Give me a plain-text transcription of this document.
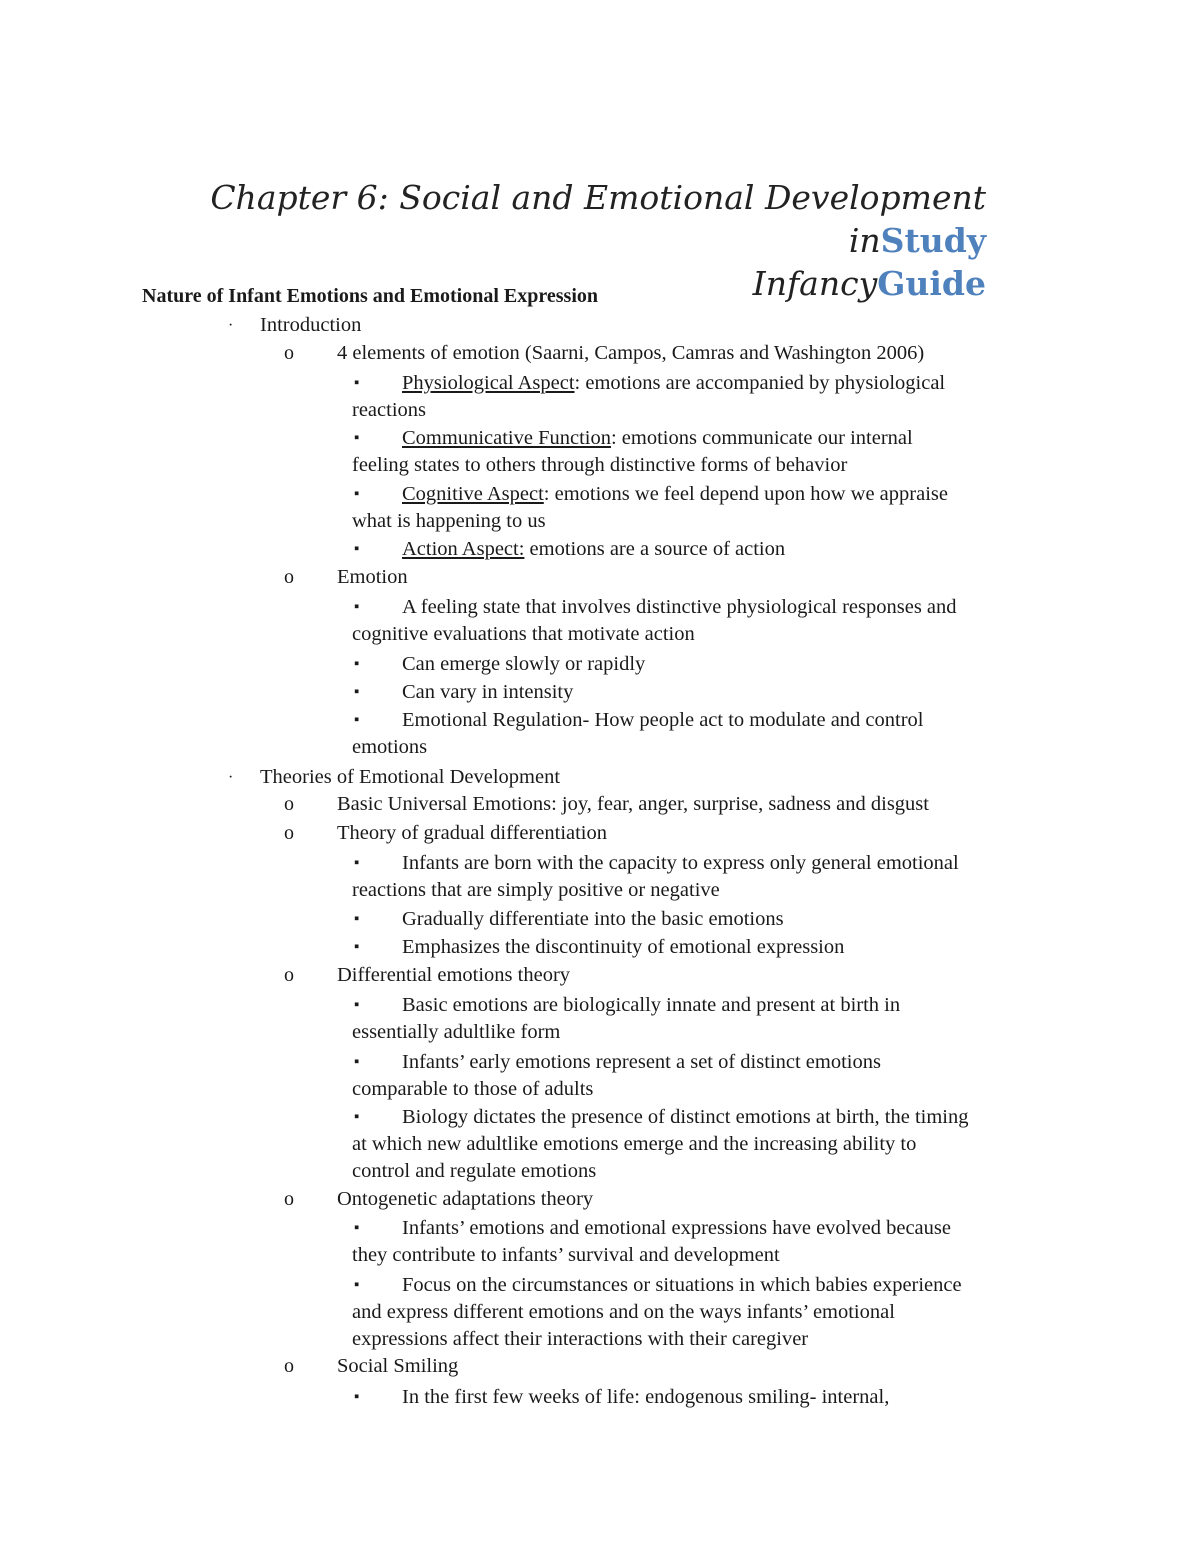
Chapter 6: Social and Emotional Development inStudy
InfancyGuide
Nature of Infant Emotions and Emotional Expression
· Introduction
o 4 elements of emotion (Saarni, Campos, Camras and Washington 2006)
▪ Physiological Aspect: emotions are accompanied by physiological
reactions
▪ Communicative Function: emotions communicate our internal
feeling states to others through distinctive forms of behavior
▪ Cognitive Aspect: emotions we feel depend upon how we appraise
what is happening to us
▪ Action Aspect: emotions are a source of action
o Emotion
▪ A feeling state that involves distinctive physiological responses and
cognitive evaluations that motivate action
▪ Can emerge slowly or rapidly
▪ Can vary in intensity
▪ Emotional Regulation- How people act to modulate and control
emotions
· Theories of Emotional Development
o Basic Universal Emotions: joy, fear, anger, surprise, sadness and disgust
o Theory of gradual differentiation
▪ Infants are born with the capacity to express only general emotional
reactions that are simply positive or negative
▪ Gradually differentiate into the basic emotions
▪ Emphasizes the discontinuity of emotional expression
o Differential emotions theory
▪ Basic emotions are biologically innate and present at birth in
essentially adultlike form
▪ Infants’ early emotions represent a set of distinct emotions
comparable to those of adults
▪ Biology dictates the presence of distinct emotions at birth, the timing
at which new adultlike emotions emerge and the increasing ability to
control and regulate emotions
o Ontogenetic adaptations theory
▪ Infants’ emotions and emotional expressions have evolved because
they contribute to infants’ survival and development
▪ Focus on the circumstances or situations in which babies experience
and express different emotions and on the ways infants’ emotional
expressions affect their interactions with their caregiver
o Social Smiling
▪ In the first few weeks of life: endogenous smiling- internal,
